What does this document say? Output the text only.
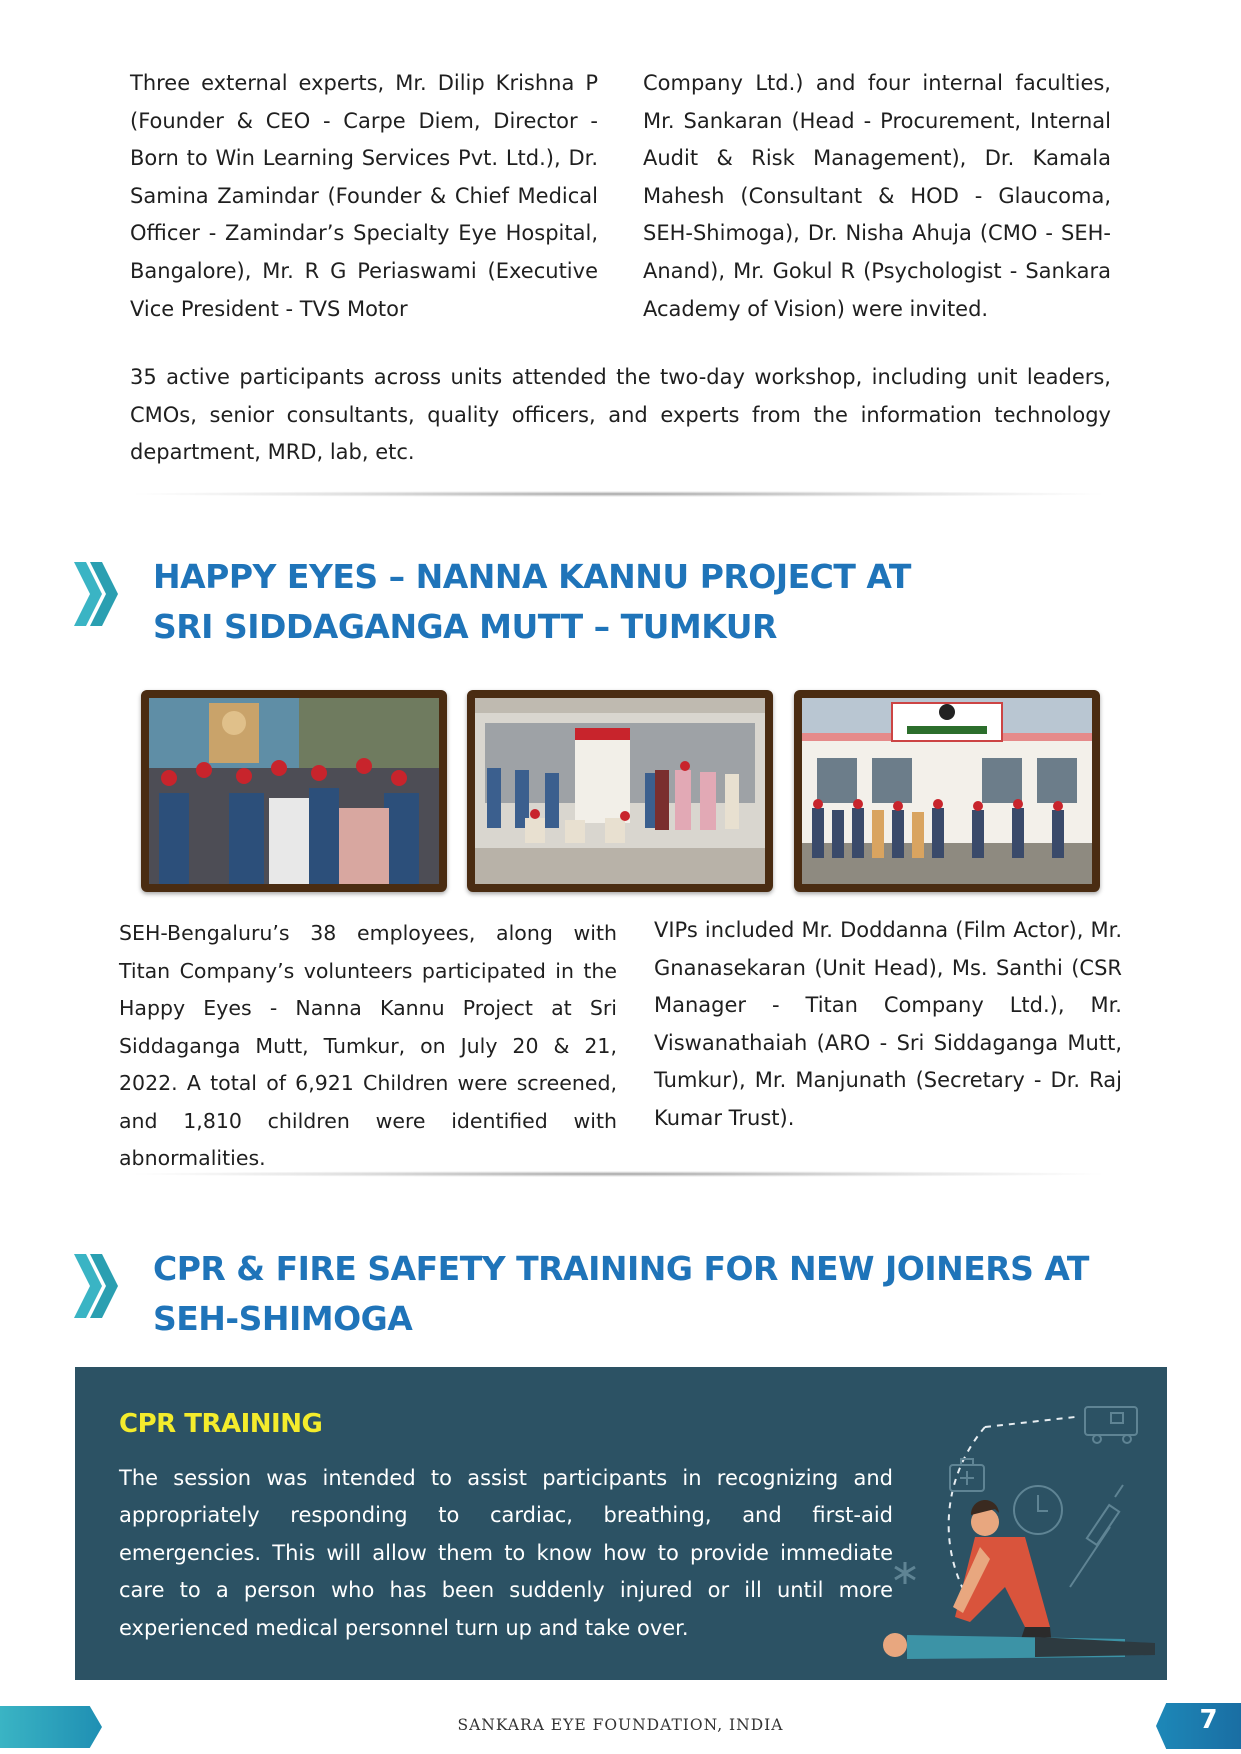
Three external experts, Mr. Dilip Krishna P (Founder & CEO - Carpe Diem, Director - Born to Win Learning Services Pvt. Ltd.), Dr. Samina Zamindar (Founder & Chief Medical Officer - Zamindar’s Specialty Eye Hospital, Bangalore), Mr. R G Periaswami (Executive Vice President - TVS Motor

Company Ltd.) and four internal faculties, Mr. Sankaran (Head - Procurement, Internal Audit & Risk Management), Dr. Kamala Mahesh (Consultant & HOD - Glaucoma, SEH-Shimoga), Dr. Nisha Ahuja (CMO - SEH-Anand), Mr. Gokul R (Psychologist - Sankara Academy of Vision) were invited.

35 active participants across units attended the two-day workshop, including unit leaders, CMOs, senior consultants, quality officers, and experts from the information technology department, MRD, lab, etc.

HAPPY EYES – NANNA KANNU PROJECT AT
SRI SIDDAGANGA MUTT – TUMKUR

SEH-Bengaluru’s 38 employees, along with Titan Company’s volunteers participated in the Happy Eyes - Nanna Kannu Project at Sri Siddaganga Mutt, Tumkur, on July 20 & 21, 2022. A total of 6,921 Children were screened, and 1,810 children were identified with abnormalities.

VIPs included Mr. Doddanna (Film Actor), Mr. Gnanasekaran (Unit Head), Ms. Santhi (CSR Manager - Titan Company Ltd.), Mr. Viswanathaiah (ARO - Sri Siddaganga Mutt, Tumkur), Mr. Manjunath (Secretary - Dr. Raj Kumar Trust).

CPR & FIRE SAFETY TRAINING FOR NEW JOINERS AT
SEH-SHIMOGA
CPR TRAINING

The session was intended to assist participants in recognizing and appropriately responding to cardiac, breathing, and first-aid emergencies. This will allow them to know how to provide immediate care to a person who has been suddenly injured or ill until more experienced medical personnel turn up and take over.

SANKARA EYE FOUNDATION, INDIA	7
